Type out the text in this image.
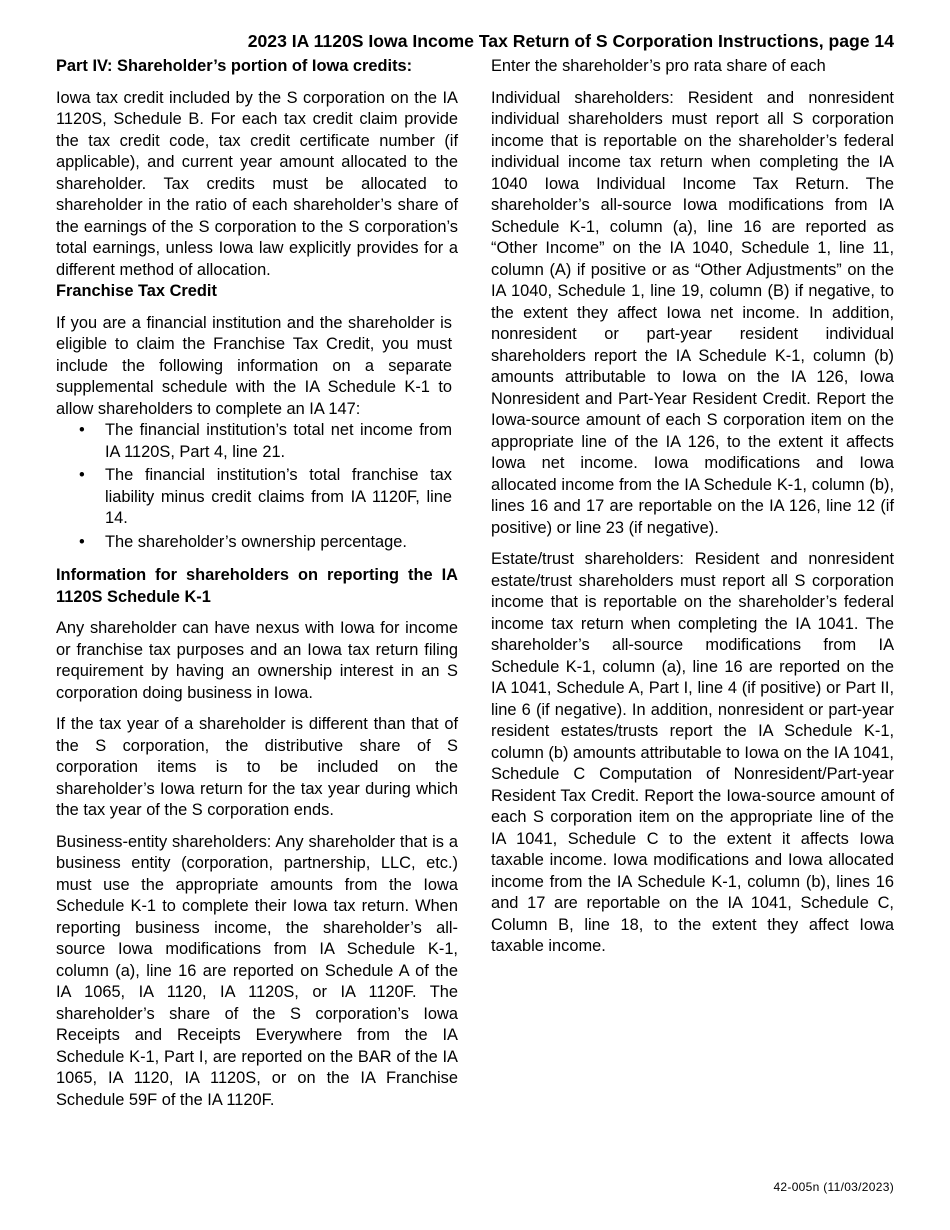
2023 IA 1120S Iowa Income Tax Return of S Corporation Instructions, page 14

Part IV: Shareholder’s portion of Iowa credits:

Iowa tax credit included by the S corporation on the IA 1120S, Schedule B. For each tax credit claim provide the tax credit code, tax credit certificate number (if applicable), and current year amount allocated to the shareholder. Tax credits must be allocated to shareholder in the ratio of each shareholder’s share of the earnings of the S corporation to the S corporation’s total earnings, unless Iowa law explicitly provides for a different method of allocation.

Franchise Tax Credit

If you are a financial institution and the shareholder is eligible to claim the Franchise Tax Credit, you must include the following information on a separate supplemental schedule with the IA Schedule K-1 to allow shareholders to complete an IA 147:

• The financial institution’s total net income from IA 1120S, Part 4, line 21.
• The financial institution’s total franchise tax liability minus credit claims from IA 1120F, line 14.
• The shareholder’s ownership percentage.

Information for shareholders on reporting the IA 1120S Schedule K-1

Any shareholder can have nexus with Iowa for income or franchise tax purposes and an Iowa tax return filing requirement by having an ownership interest in an S corporation doing business in Iowa.

If the tax year of a shareholder is different than that of the S corporation, the distributive share of S corporation items is to be included on the shareholder’s Iowa return for the tax year during which the tax year of the S corporation ends.

Business-entity shareholders: Any shareholder that is a business entity (corporation, partnership, LLC, etc.) must use the appropriate amounts from the Iowa Schedule K-1 to complete their Iowa tax return. When reporting business income, the shareholder’s all-source Iowa modifications from IA Schedule K-1, column (a), line 16 are reported on Schedule A of the IA 1065, IA 1120, IA 1120S, or IA 1120F. The shareholder’s share of the S corporation’s Iowa Receipts and Receipts Everywhere from the IA Schedule K-1, Part I, are reported on the BAR of the IA 1065, IA 1120, IA 1120S, or on the IA Franchise Schedule 59F of the IA 1120F.

Enter the shareholder’s pro rata share of each

Individual shareholders: Resident and nonresident individual shareholders must report all S corporation income that is reportable on the shareholder’s federal individual income tax return when completing the IA 1040 Iowa Individual Income Tax Return. The shareholder’s all-source Iowa modifications from IA Schedule K-1, column (a), line 16 are reported as “Other Income” on the IA 1040, Schedule 1, line 11, column (A) if positive or as “Other Adjustments” on the IA 1040, Schedule 1, line 19, column (B) if negative, to the extent they affect Iowa net income. In addition, nonresident or part-year resident individual shareholders report the IA Schedule K-1, column (b) amounts attributable to Iowa on the IA 126, Iowa Nonresident and Part-Year Resident Credit. Report the Iowa-source amount of each S corporation item on the appropriate line of the IA 126, to the extent it affects Iowa net income. Iowa modifications and Iowa allocated income from the IA Schedule K-1, column (b), lines 16 and 17 are reportable on the IA 126, line 12 (if positive) or line 23 (if negative).

Estate/trust shareholders: Resident and nonresident estate/trust shareholders must report all S corporation income that is reportable on the shareholder’s federal income tax return when completing the IA 1041. The shareholder’s all-source modifications from IA Schedule K-1, column (a), line 16 are reported on the IA 1041, Schedule A, Part I, line 4 (if positive) or Part II, line 6 (if negative). In addition, nonresident or part-year resident estates/trusts report the IA Schedule K-1, column (b) amounts attributable to Iowa on the IA 1041, Schedule C Computation of Nonresident/Part-year Resident Tax Credit. Report the Iowa-source amount of each S corporation item on the appropriate line of the IA 1041, Schedule C to the extent it affects Iowa taxable income. Iowa modifications and Iowa allocated income from the IA Schedule K-1, column (b), lines 16 and 17 are reportable on the IA 1041, Schedule C, Column B, line 18, to the extent they affect Iowa taxable income.

42-005n (11/03/2023)
